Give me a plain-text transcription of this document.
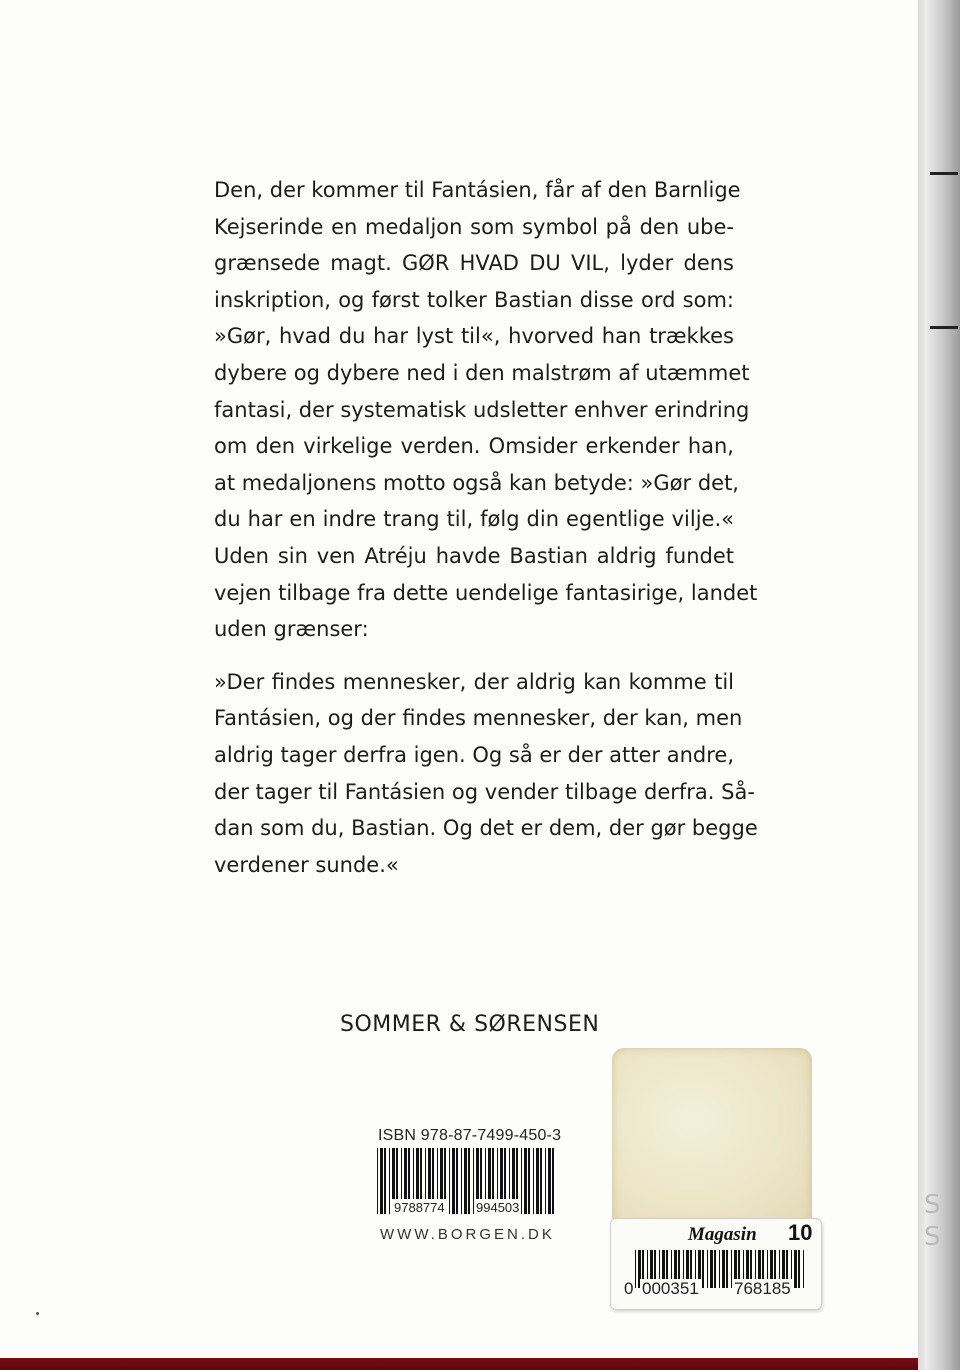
S
S

Den, der kommer til Fantásien, får af den Barnlige
Kejserinde en medaljon som symbol på den ube-
grænsede magt. GØR HVAD DU VIL, lyder dens
inskription, og først tolker Bastian disse ord som:
»Gør, hvad du har lyst til«, hvorved han trækkes
dybere og dybere ned i den malstrøm af utæmmet
fantasi, der systematisk udsletter enhver erindring
om den virkelige verden. Omsider erkender han,
at medaljonens motto også kan betyde: »Gør det,
du har en indre trang til, følg din egentlige vilje.«
Uden sin ven Atréju havde Bastian aldrig fundet
vejen tilbage fra dette uendelige fantasirige, landet
uden grænser:

»Der findes mennesker, der aldrig kan komme til
Fantásien, og der findes mennesker, der kan, men
aldrig tager derfra igen. Og så er der atter andre,
der tager til Fantásien og vender tilbage derfra. Så-
dan som du, Bastian. Og det er dem, der gør begge
verdener sunde.«

SOMMER & SØRENSEN
ISBN 978-87-7499-450-3
9788774 994503
WWW.BORGEN.DK	Magasin 10
0 000351 768185
